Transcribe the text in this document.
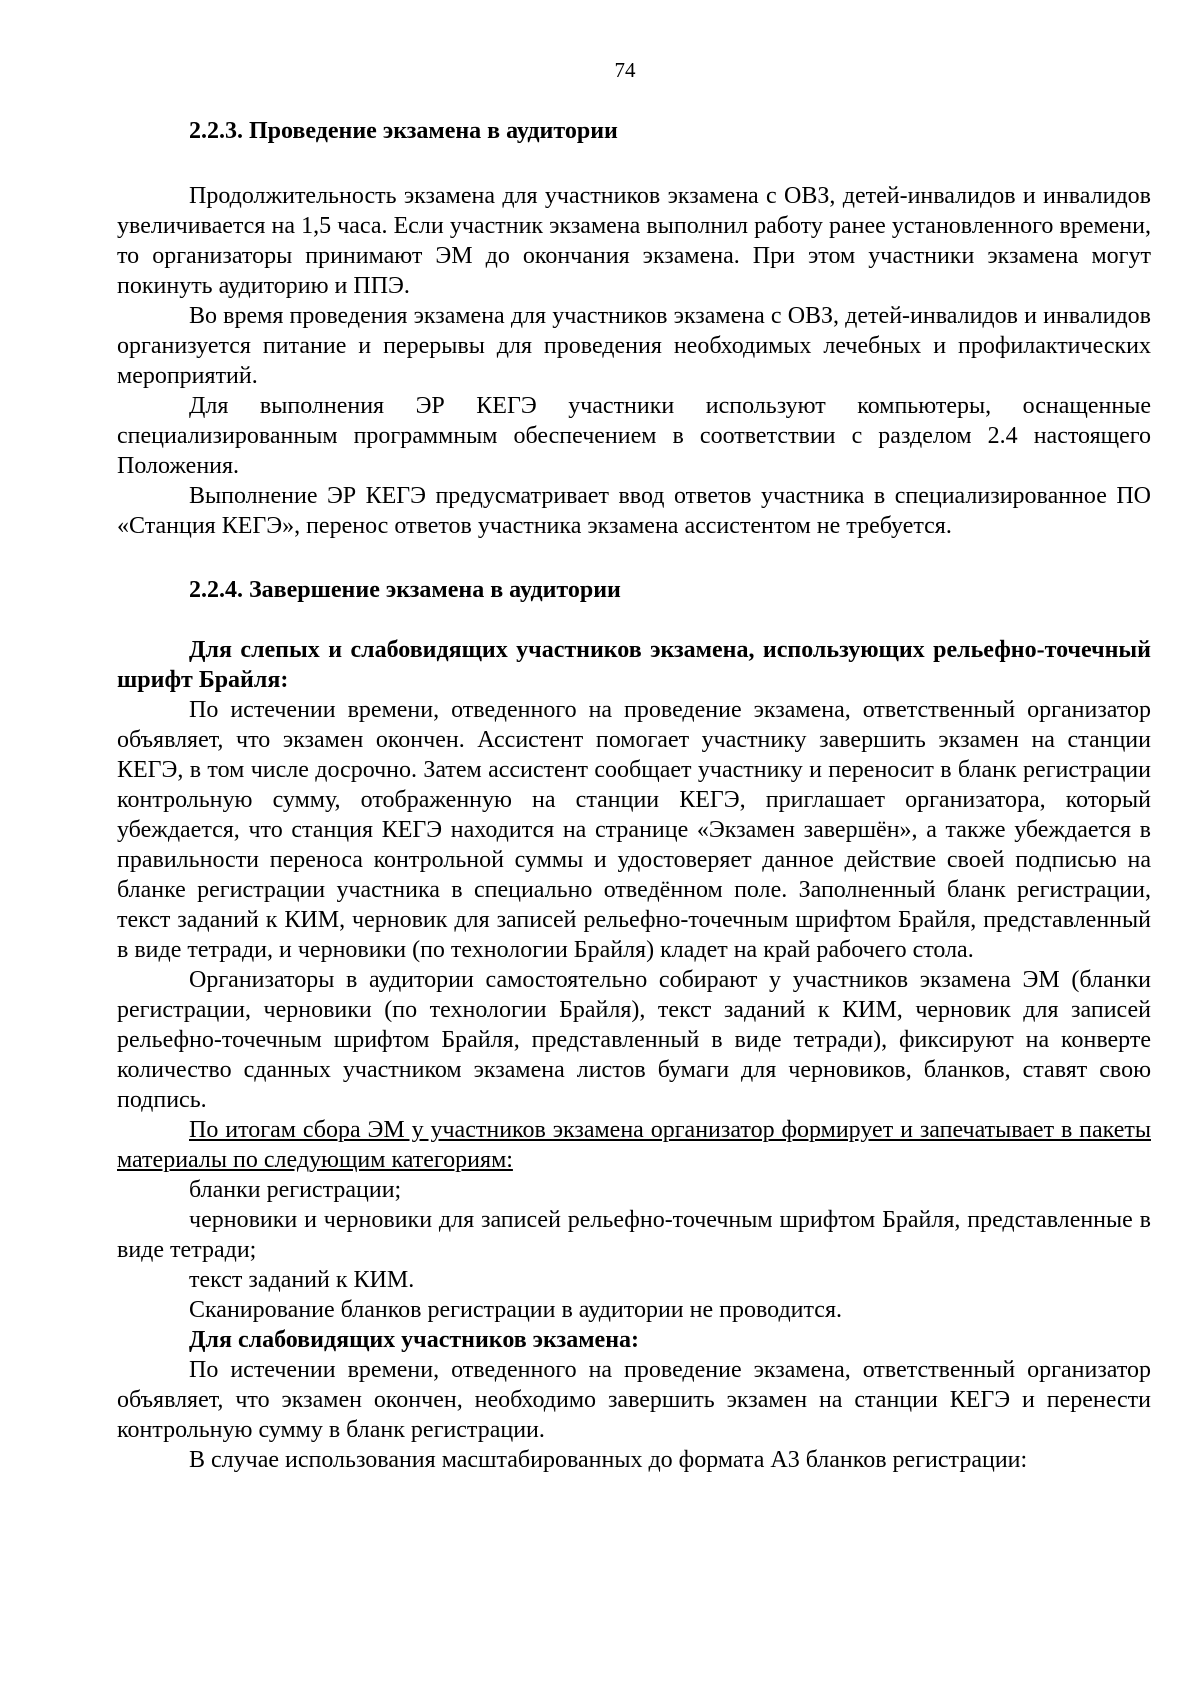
74
2.2.3. Проведение экзамена в аудитории

Продолжительность экзамена для участников экзамена с ОВЗ, детей-инвалидов и инвалидов увеличивается на 1,5 часа. Если участник экзамена выполнил работу ранее установленного времени, то организаторы принимают ЭМ до окончания экзамена. При этом участники экзамена могут покинуть аудиторию и ППЭ.

Во время проведения экзамена для участников экзамена с ОВЗ, детей-инвалидов и инвалидов организуется питание и перерывы для проведения необходимых лечебных и профилактических мероприятий.

Для выполнения ЭР КЕГЭ участники используют компьютеры, оснащенные специализированным программным обеспечением в соответствии с разделом 2.4 настоящего Положения.

Выполнение ЭР КЕГЭ предусматривает ввод ответов участника в специализированное ПО «Станция КЕГЭ», перенос ответов участника экзамена ассистентом не требуется.

2.2.4. Завершение экзамена в аудитории

Для слепых и слабовидящих участников экзамена, использующих рельефно-точечный шрифт Брайля:

По истечении времени, отведенного на проведение экзамена, ответственный организатор объявляет, что экзамен окончен. Ассистент помогает участнику завершить экзамен на станции КЕГЭ, в том числе досрочно. Затем ассистент сообщает участнику и переносит в бланк регистрации контрольную сумму, отображенную на станции КЕГЭ, приглашает организатора, который убеждается, что станция КЕГЭ находится на странице «Экзамен завершён», а также убеждается в правильности переноса контрольной суммы и удостоверяет данное действие своей подписью на бланке регистрации участника в специально отведённом поле. Заполненный бланк регистрации, текст заданий к КИМ, черновик для записей рельефно-точечным шрифтом Брайля, представленный в виде тетради, и черновики (по технологии Брайля) кладет на край рабочего стола.

Организаторы в аудитории самостоятельно собирают у участников экзамена ЭМ (бланки регистрации, черновики (по технологии Брайля), текст заданий к КИМ, черновик для записей рельефно-точечным шрифтом Брайля, представленный в виде тетради), фиксируют на конверте количество сданных участником экзамена листов бумаги для черновиков, бланков, ставят свою подпись.

По итогам сбора ЭМ у участников экзамена организатор формирует и запечатывает в пакеты материалы по следующим категориям:

бланки регистрации;

черновики и черновики для записей рельефно-точечным шрифтом Брайля, представленные в виде тетради;

текст заданий к КИМ.

Сканирование бланков регистрации в аудитории не проводится.

Для слабовидящих участников экзамена:

По истечении времени, отведенного на проведение экзамена, ответственный организатор объявляет, что экзамен окончен, необходимо завершить экзамен на станции КЕГЭ и перенести контрольную сумму в бланк регистрации.

В случае использования масштабированных до формата А3 бланков регистрации:
